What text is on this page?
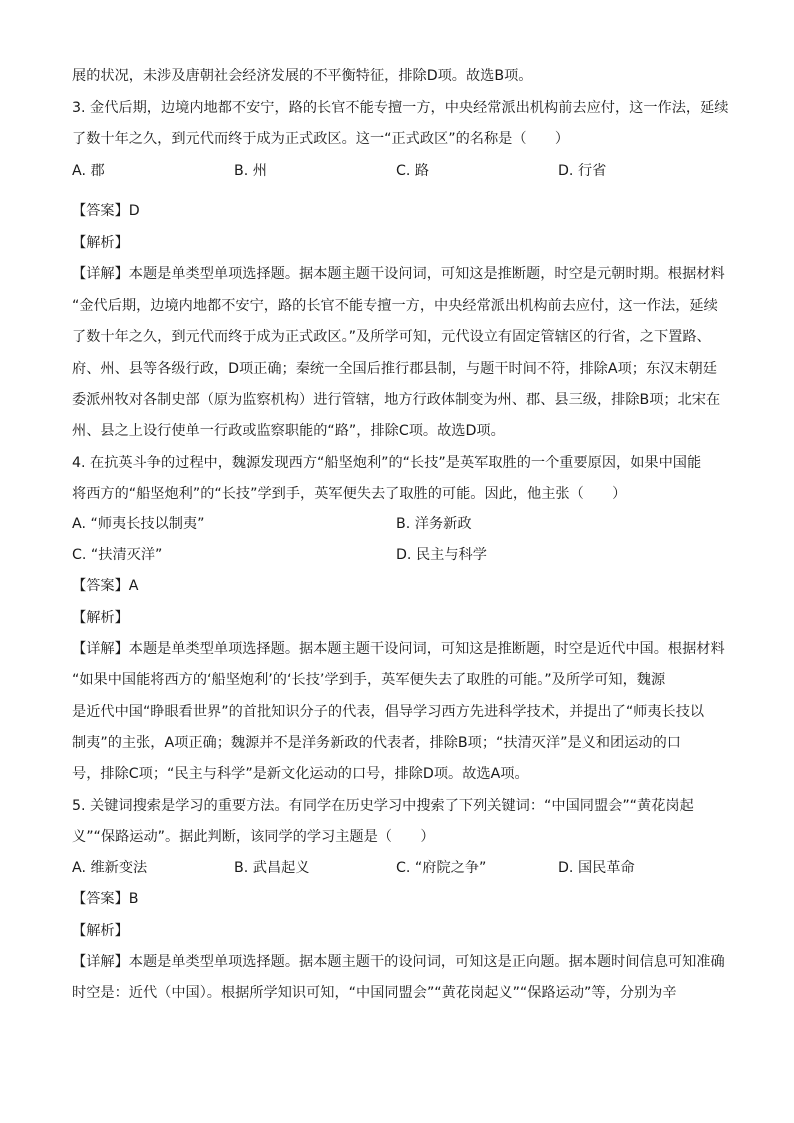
展的状况，未涉及唐朝社会经济发展的不平衡特征，排除D项。故选B项。
3. 金代后期，边境内地都不安宁，路的长官不能专擅一方，中央经常派出机构前去应付，这一作法，延续
了数十年之久，到元代而终于成为正式政区。这一“正式政区”的名称是（　　）
A. 郡	B. 州	C. 路	D. 行省
【答案】D
【解析】
【详解】本题是单类型单项选择题。据本题主题干设问词，可知这是推断题，时空是元朝时期。根据材料
“金代后期，边境内地都不安宁，路的长官不能专擅一方，中央经常派出机构前去应付，这一作法，延续
了数十年之久，到元代而终于成为正式政区。”及所学可知，元代设立有固定管辖区的行省，之下置路、
府、州、县等各级行政，D项正确；秦统一全国后推行郡县制，与题干时间不符，排除A项；东汉末朝廷
委派州牧对各制史部（原为监察机构）进行管辖，地方行政体制变为州、郡、县三级，排除B项；北宋在
州、县之上设行使单一行政或监察职能的“路”，排除C项。故选D项。
4. 在抗英斗争的过程中，魏源发现西方“船坚炮利”的“长技”是英军取胜的一个重要原因，如果中国能
将西方的“船坚炮利”的“长技”学到手，英军便失去了取胜的可能。因此，他主张（　　）
A. “师夷长技以制夷”	B. 洋务新政
C. “扶清灭洋”	D. 民主与科学
【答案】A
【解析】
【详解】本题是单类型单项选择题。据本题主题干设问词，可知这是推断题，时空是近代中国。根据材料
“如果中国能将西方的‘船坚炮利’的‘长技’学到手，英军便失去了取胜的可能。”及所学可知，魏源
是近代中国“睁眼看世界”的首批知识分子的代表，倡导学习西方先进科学技术，并提出了“师夷长技以
制夷”的主张，A项正确；魏源并不是洋务新政的代表者，排除B项；“扶清灭洋”是义和团运动的口
号，排除C项；“民主与科学”是新文化运动的口号，排除D项。故选A项。
5. 关键词搜索是学习的重要方法。有同学在历史学习中搜索了下列关键词：“中国同盟会”“黄花岗起
义”“保路运动”。据此判断，该同学的学习主题是（　　）
A. 维新变法	B. 武昌起义	C. “府院之争”	D. 国民革命
【答案】B
【解析】
【详解】本题是单类型单项选择题。据本题主题干的设问词，可知这是正向题。据本题时间信息可知准确
时空是：近代（中国）。根据所学知识可知，“中国同盟会”“黄花岗起义”“保路运动”等，分别为辛
